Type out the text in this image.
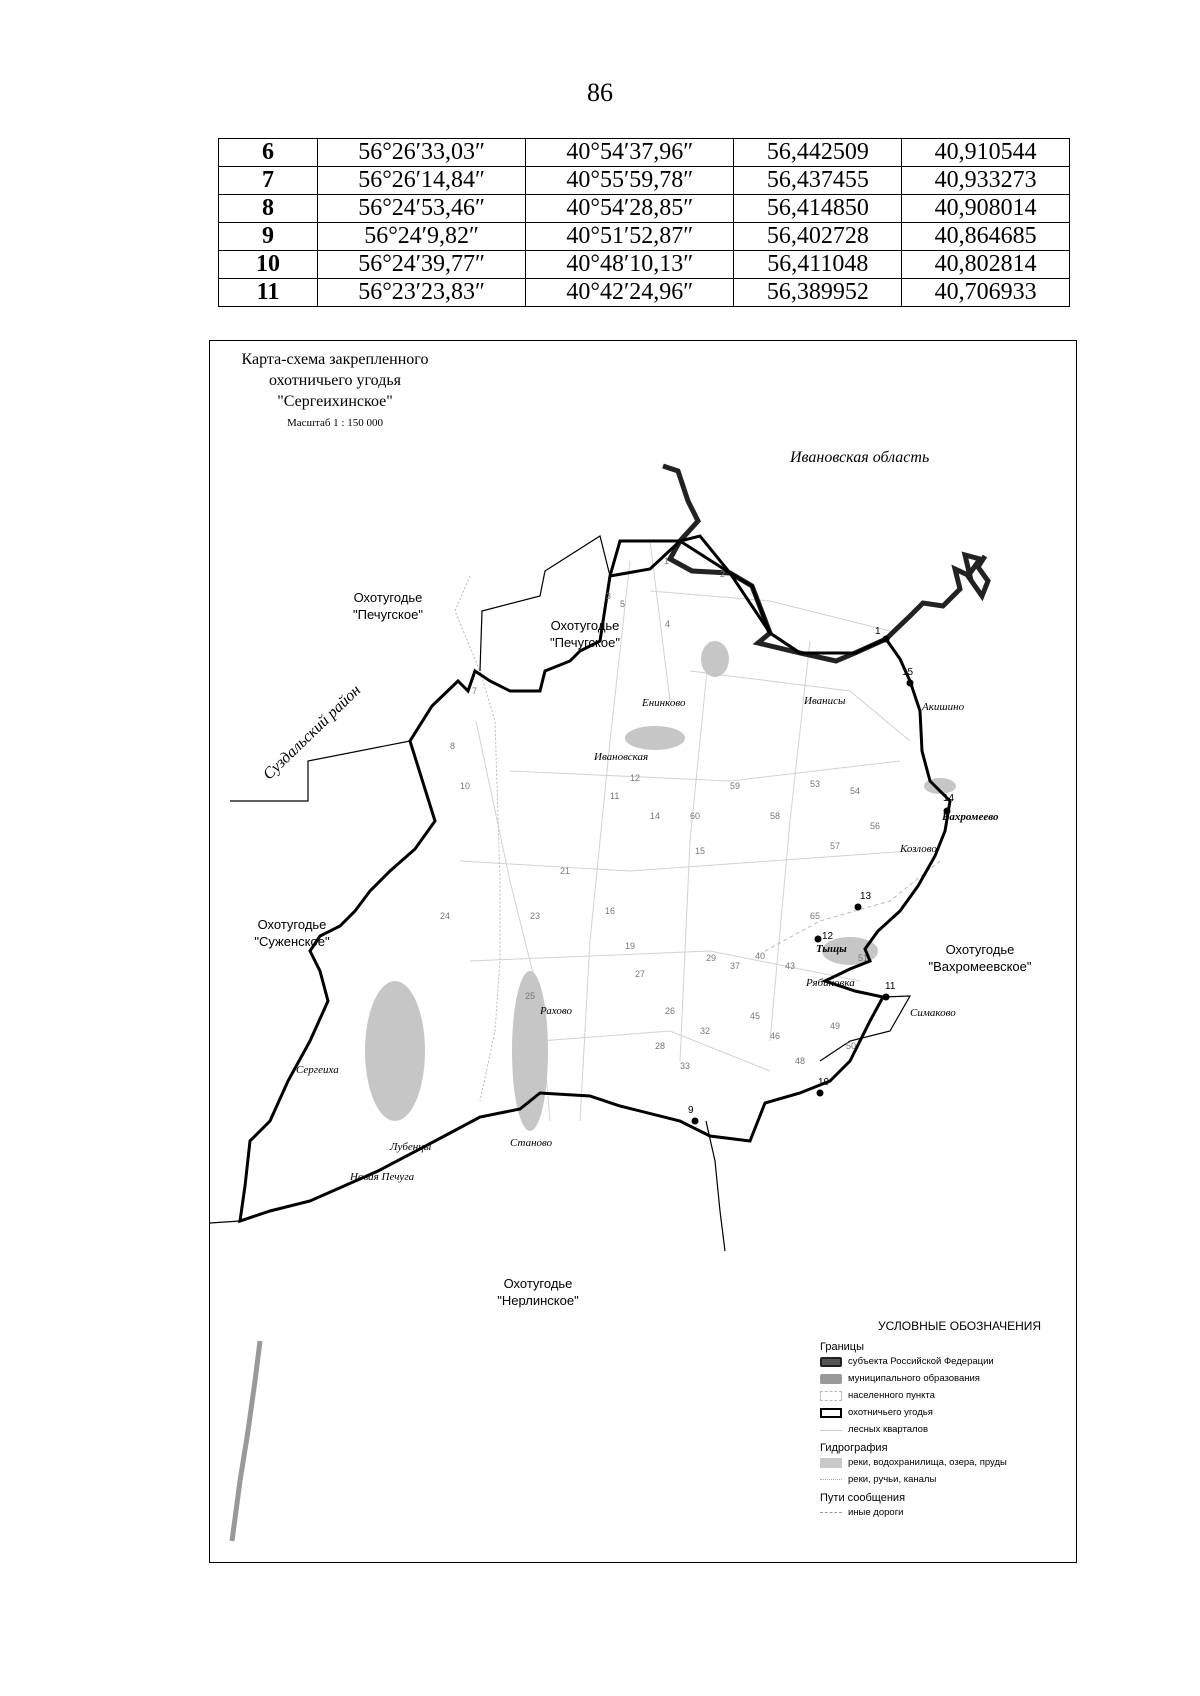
86
6	56°26′33,03″	40°54′37,96″	56,442509	40,910544
7	56°26′14,84″	40°55′59,78″	56,437455	40,933273
8	56°24′53,46″	40°54′28,85″	56,414850	40,908014
9	56°24′9,82″	40°51′52,87″	56,402728	40,864685
10	56°24′39,77″	40°48′10,13″	56,411048	40,802814
11	56°23′23,83″	40°42′24,96″	56,389952	40,706933
Карта-схема закрепленного
охотничьего угодья
"Сергеихинское"
Масштаб 1 : 150 000
Ивановская область
Суздальский район
Охотугодье
"Печугское"
Охотугодье
"Печугское"
Охотугодье
"Суженское"
Охотугодье
"Вахромеевское"
Охотугодье
"Нерлинское"
Енинково	Иванисы	Акишино
Ивановская
Вахромеево
Козлово
Тыщы
Рябиновка
Симаково
Рахово
Сергеиха
Лубенцы	Станово
Новая Печуга
1
9
10
11
12
13
14
15
1
2
3
4
5
7
8
10
11
12
14
15
16
19
21
23
24
25
26
27
28
29
32
33
37
40
43
45
46
48
49
50
51
53
54
56
57
58
59
60
65
УСЛОВНЫЕ ОБОЗНАЧЕНИЯ
Границы
субъекта Российской Федерации
муниципального образования
населенного пункта
охотничьего угодья
лесных кварталов
Гидрография
реки, водохранилища, озера, пруды
реки, ручьи, каналы
Пути сообщения
иные дороги
